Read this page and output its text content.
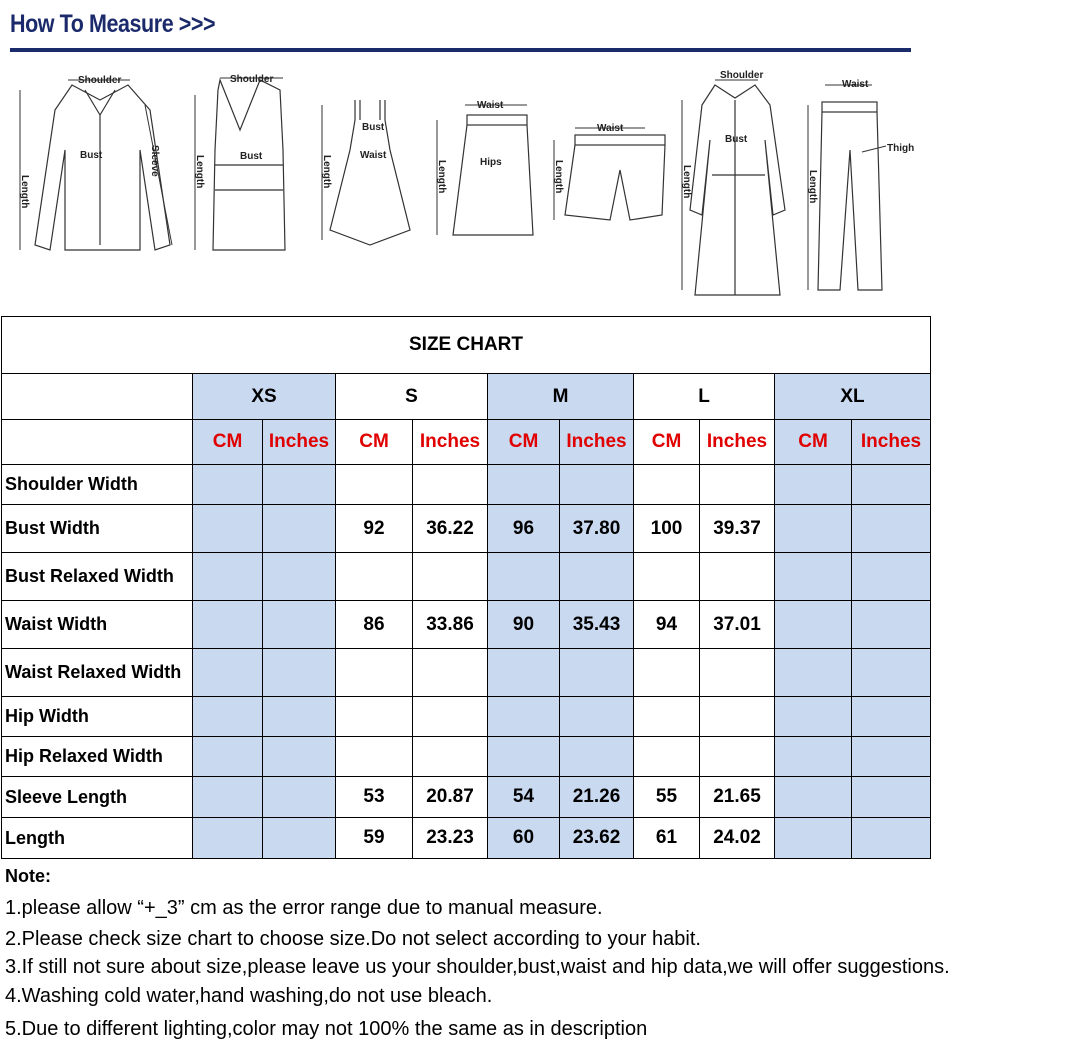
How To Measure >>>
Shoulder
Bust
Length
Sleeve
Shoulder
Bust
Length
Bust
Waist
Length
Waist
Hips
Length
Waist
Length
Shoulder
Bust
Length
Waist
Thigh
Length
SIZE CHART										
	XS		S		M		L		XL	
	CM	Inches	CM	Inches	CM	Inches	CM	Inches	CM	Inches
Shoulder Width										
Bust Width			92	36.22	96	37.80	100	39.37		
Bust Relaxed Width										
Waist Width			86	33.86	90	35.43	94	37.01		
Waist Relaxed Width										
Hip Width										
Hip Relaxed Width										
Sleeve Length			53	20.87	54	21.26	55	21.65		
Length			59	23.23	60	23.62	61	24.02		
Note:
1.please allow “+_3” cm as the error range due to manual measure.
2.Please check size chart to choose size.Do not select according to your habit.
3.If still not sure about size,please leave us your shoulder,bust,waist and hip data,we will offer suggestions.
4.Washing cold water,hand washing,do not use bleach.
5.Due to different lighting,color may not 100% the same as in description
